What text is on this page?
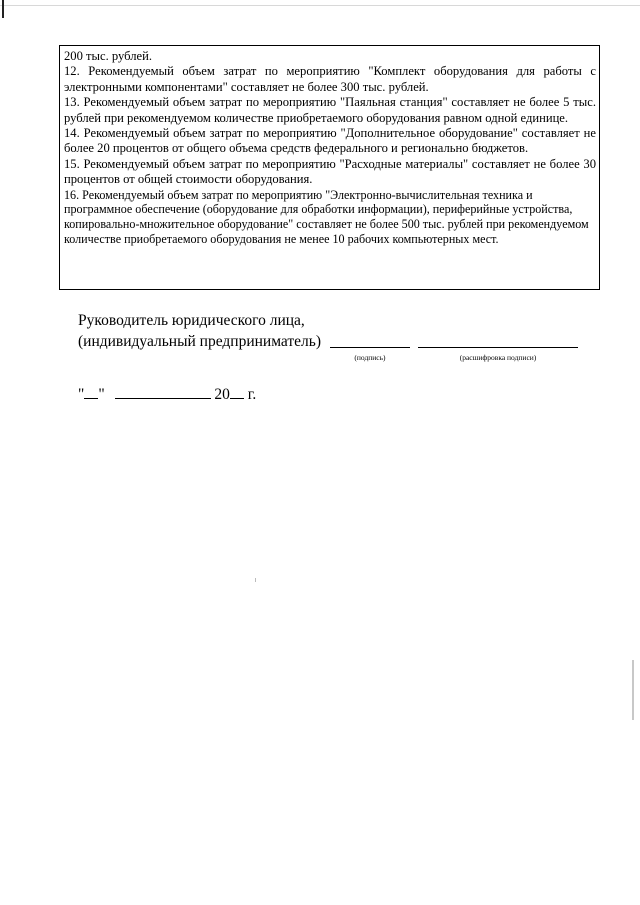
200 тыс. рублей.

12. Рекомендуемый объем затрат по мероприятию "Комплект оборудования для работы с электронными компонентами" составляет не более 300 тыс. рублей.

13. Рекомендуемый объем затрат по мероприятию "Паяльная станция" составляет не более 5 тыс. рублей при рекомендуемом количестве приобретаемого оборудования равном одной единице.

14. Рекомендуемый объем затрат по мероприятию "Дополнительное оборудование" составляет не более 20 процентов от общего объема средств федерального и регионально бюджетов.

15. Рекомендуемый объем затрат по мероприятию "Расходные материалы" составляет не более 30 процентов от общей стоимости оборудования.

16. Рекомендуемый объем затрат по мероприятию "Электронно-вычислительная техника и программное обеспечение (оборудование для обработки информации), периферийные устройства, копировально-множительное оборудование" составляет не более 500 тыс. рублей при рекомендуемом количестве приобретаемого оборудования не менее 10 рабочих компьютерных мест.

Руководитель юридического лица,
(индивидуальный предприниматель)
(подпись)	(расшифровка подписи)
" "	20 г.
